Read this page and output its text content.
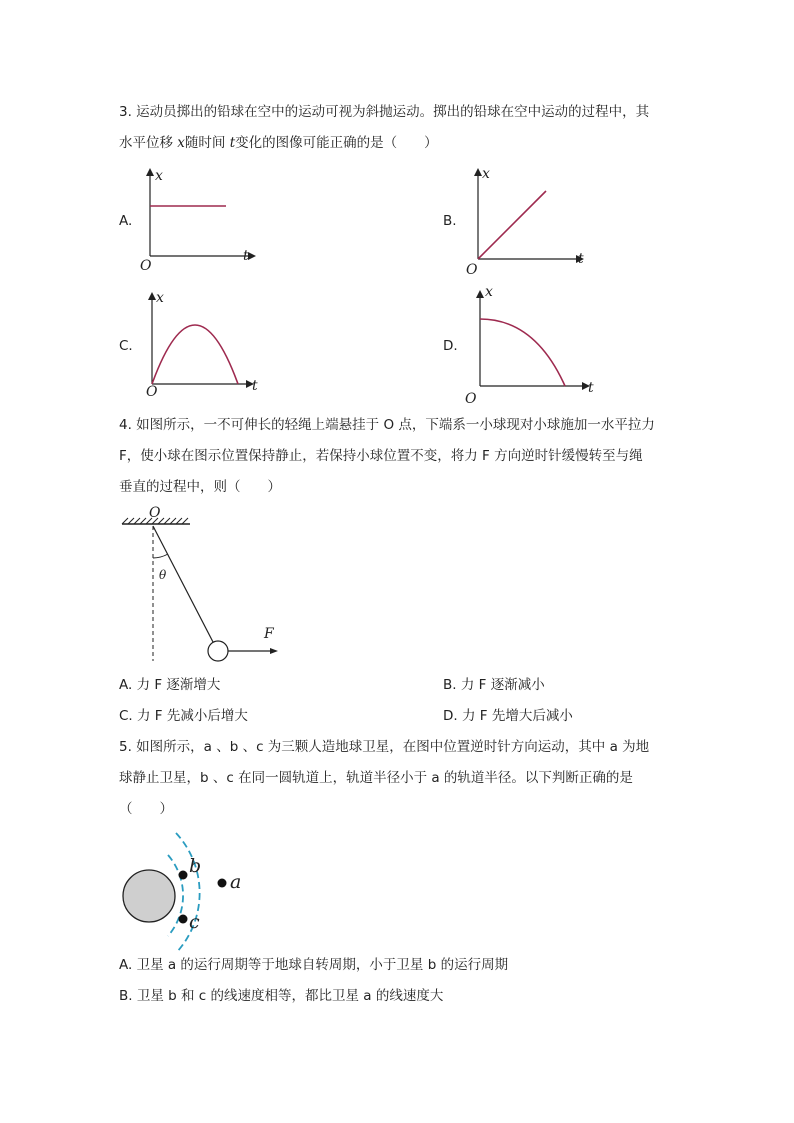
3. 运动员掷出的铅球在空中的运动可视为斜抛运动。掷出的铅球在空中运动的过程中，其
水平位移 x随时间 t变化的图像可能正确的是（　　）
A.
x
t
O
B.
x
t
O
C.
x
t
O
D.
x
t
O
4. 如图所示，一不可伸长的轻绳上端悬挂于 O 点，下端系一小球现对小球施加一水平拉力
F，使小球在图示位置保持静止，若保持小球位置不变，将力 F 方向逆时针缓慢转至与绳
垂直的过程中，则（　　）
O
θ
F
A. 力 F 逐渐增大	B. 力 F 逐渐减小
C. 力 F 先减小后增大	D. 力 F 先增大后减小
5. 如图所示，a 、b 、c 为三颗人造地球卫星，在图中位置逆时针方向运动，其中 a 为地
球静止卫星，b 、c 在同一圆轨道上，轨道半径小于 a 的轨道半径。以下判断正确的是
（　　）
b
a
c
A. 卫星 a 的运行周期等于地球自转周期，小于卫星 b 的运行周期
B. 卫星 b 和 c 的线速度相等，都比卫星 a 的线速度大
